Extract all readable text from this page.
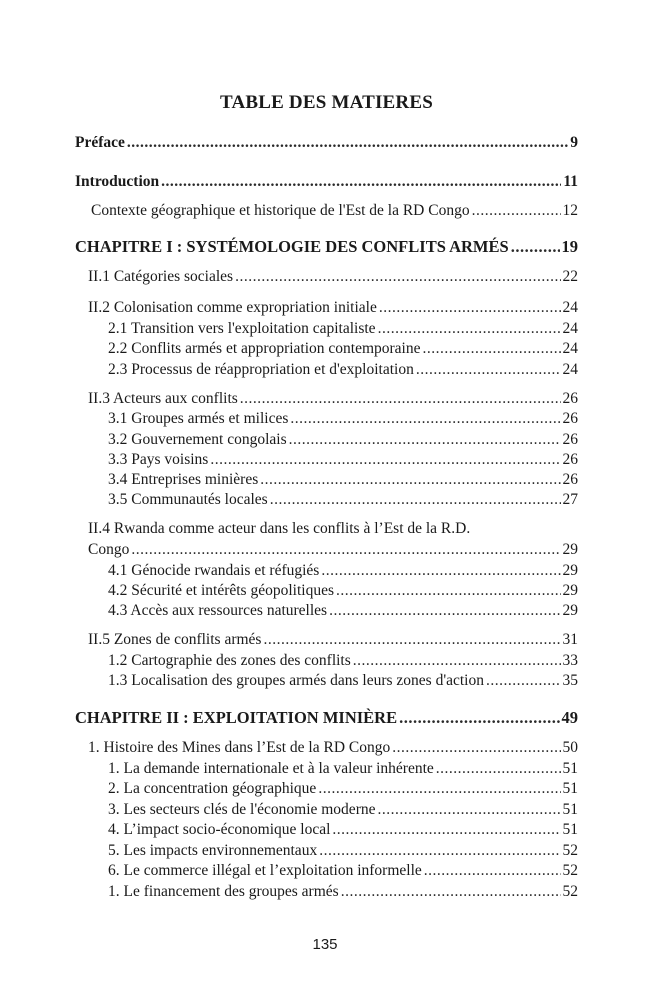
TABLE DES MATIERES
Préface .....	9
Introduction .....	11
Contexte géographique et historique de l'Est de la RD Congo .....	12
CHAPITRE I : SYSTÉMOLOGIE DES CONFLITS ARMÉS .....	19
II.1 Catégories sociales .....	22
II.2 Colonisation comme expropriation initiale .....	24
2.1 Transition vers l'exploitation capitaliste .....	24
2.2 Conflits armés et appropriation contemporaine .....	24
2.3 Processus de réappropriation et d'exploitation .....	24
II.3 Acteurs aux conflits .....	26
3.1 Groupes armés et milices .....	26
3.2 Gouvernement congolais .....	26
3.3 Pays voisins .....	26
3.4 Entreprises minières .....	26
3.5 Communautés locales .....	27
II.4 Rwanda comme acteur dans les conflits à l’Est de la R.D.
Congo .....	29
4.1 Génocide rwandais et réfugiés .....	29
4.2 Sécurité et intérêts géopolitiques .....	29
4.3 Accès aux ressources naturelles .....	29
II.5 Zones de conflits armés .....	31
1.2 Cartographie des zones des conflits .....	33
1.3 Localisation des groupes armés dans leurs zones d'action .....	35
CHAPITRE II : EXPLOITATION MINIÈRE .....	49
1. Histoire des Mines dans l’Est de la RD Congo .....	50
1. La demande internationale et à la valeur inhérente .....	51
2. La concentration géographique .....	51
3. Les secteurs clés de l'économie moderne .....	51
4. L’impact socio-économique local .....	51
5. Les impacts environnementaux .....	52
6. Le commerce illégal et l’exploitation informelle .....	52
1. Le financement des groupes armés .....	52
135
